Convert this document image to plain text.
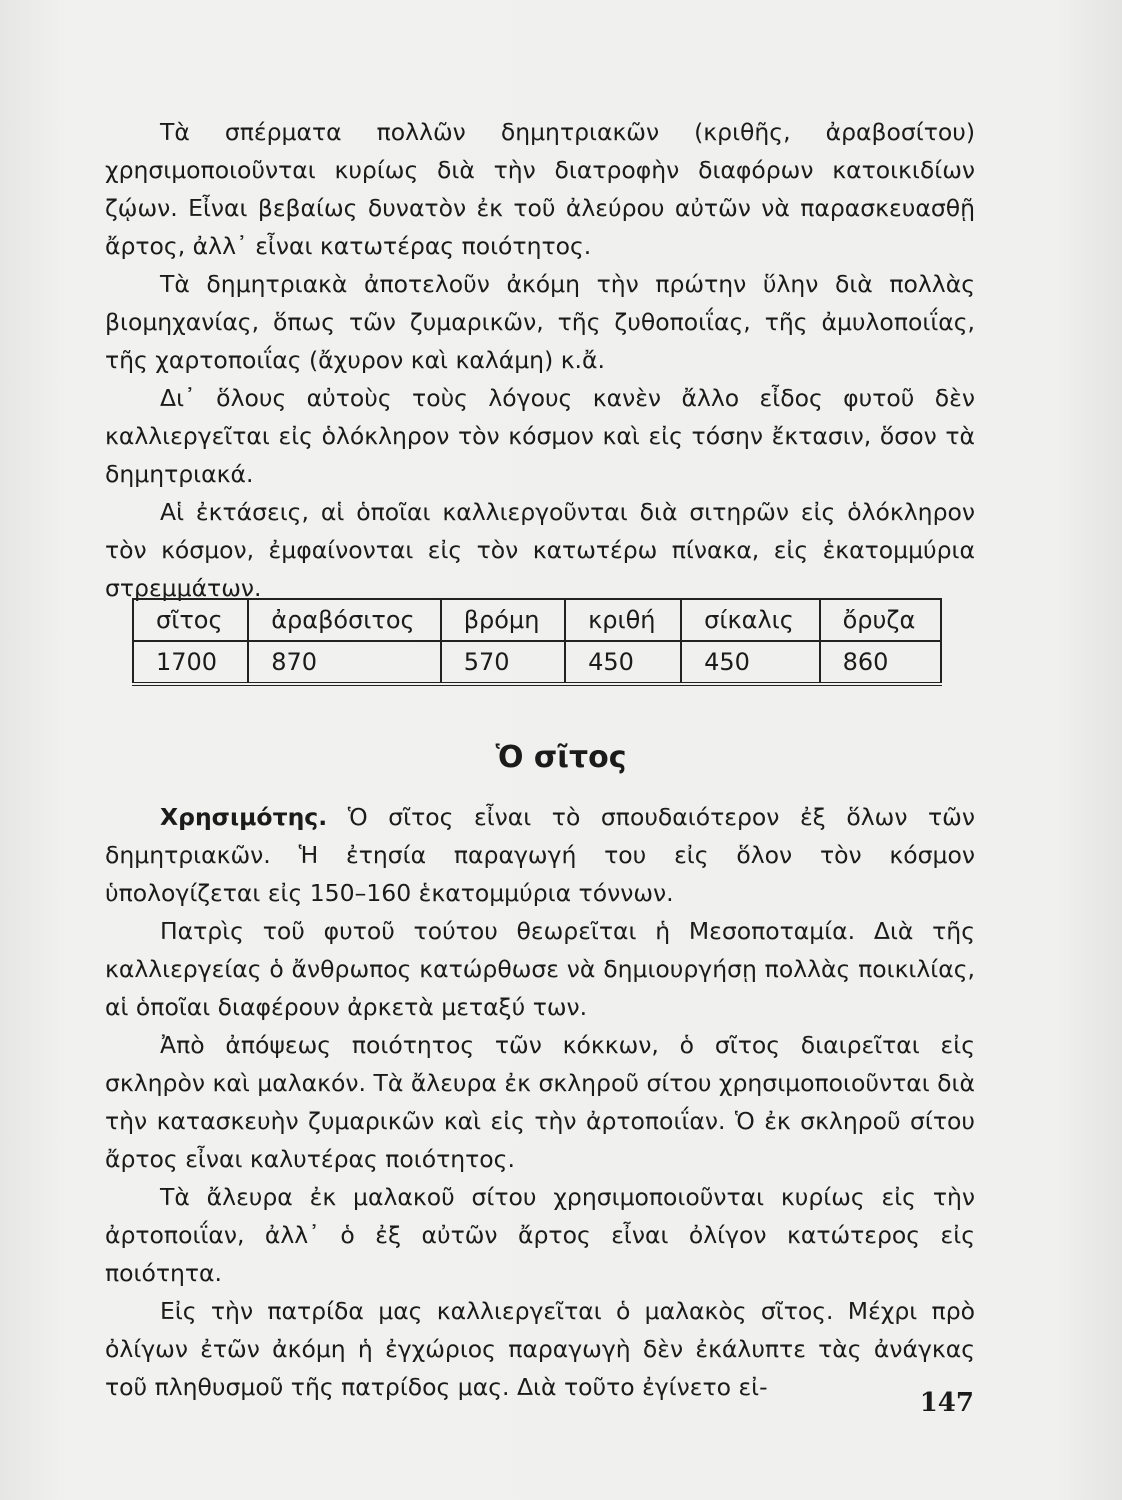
Τὰ σπέρματα πολλῶν δημητριακῶν (κριθῆς, ἀραβοσίτου) χρησιμοποιοῦνται κυρίως διὰ τὴν διατροφὴν διαφόρων κατοικιδίων ζῴων. Εἶναι βεβαίως δυνατὸν ἐκ τοῦ ἀλεύρου αὐτῶν νὰ παρασκευασθῇ ἄρτος, ἀλλ᾽ εἶναι κατωτέρας ποιότητος.

Τὰ δημητριακὰ ἀποτελοῦν ἀκόμη τὴν πρώτην ὕλην διὰ πολλὰς βιομηχανίας, ὅπως τῶν ζυμαρικῶν, τῆς ζυθοποιΐας, τῆς ἀμυλοποιΐας, τῆς χαρτοποιΐας (ἄχυρον καὶ καλάμη) κ.ἄ.

Δι᾽ ὅλους αὐτοὺς τοὺς λόγους κανὲν ἄλλο εἶδος φυτοῦ δὲν καλλιεργεῖται εἰς ὁλόκληρον τὸν κόσμον καὶ εἰς τόσην ἔκτασιν, ὅσον τὰ δημητριακά.

Αἱ ἐκτάσεις, αἱ ὁποῖαι καλλιεργοῦνται διὰ σιτηρῶν εἰς ὁλόκληρον τὸν κόσμον, ἐμφαίνονται εἰς τὸν κατωτέρω πίνακα, εἰς ἑκατομμύρια στρεμμάτων.

σῖτος	ἀραβόσιτος	βρόμη	κριθή	σίκαλις	ὄρυζα
1700	870	570	450	450	860
Ὁ σῖτος

Χρησιμότης. Ὁ σῖτος εἶναι τὸ σπουδαιότερον ἐξ ὅλων τῶν δημητριακῶν. Ἡ ἐτησία παραγωγή του εἰς ὅλον τὸν κόσμον ὑπολογίζεται εἰς 150–160 ἑκατομμύρια τόννων.

Πατρὶς τοῦ φυτοῦ τούτου θεωρεῖται ἡ Μεσοποταμία. Διὰ τῆς καλλιεργείας ὁ ἄνθρωπος κατώρθωσε νὰ δημιουργήσῃ πολλὰς ποικιλίας, αἱ ὁποῖαι διαφέρουν ἀρκετὰ μεταξύ των.

Ἀπὸ ἀπόψεως ποιότητος τῶν κόκκων, ὁ σῖτος διαιρεῖται εἰς σκληρὸν καὶ μαλακόν. Τὰ ἄλευρα ἐκ σκληροῦ σίτου χρησιμοποιοῦνται διὰ τὴν κατασκευὴν ζυμαρικῶν καὶ εἰς τὴν ἀρτοποιΐαν. Ὁ ἐκ σκληροῦ σίτου ἄρτος εἶναι καλυτέρας ποιότητος.

Τὰ ἄλευρα ἐκ μαλακοῦ σίτου χρησιμοποιοῦνται κυρίως εἰς τὴν ἀρτοποιΐαν, ἀλλ᾽ ὁ ἐξ αὐτῶν ἄρτος εἶναι ὀλίγον κατώτερος εἰς ποιότητα.

Εἰς τὴν πατρίδα μας καλλιεργεῖται ὁ μαλακὸς σῖτος. Μέχρι πρὸ ὀλίγων ἐτῶν ἀκόμη ἡ ἐγχώριος παραγωγὴ δὲν ἐκάλυπτε τὰς ἀνάγκας τοῦ πληθυσμοῦ τῆς πατρίδος μας. Διὰ τοῦτο ἐγίνετο εἰ-

147
